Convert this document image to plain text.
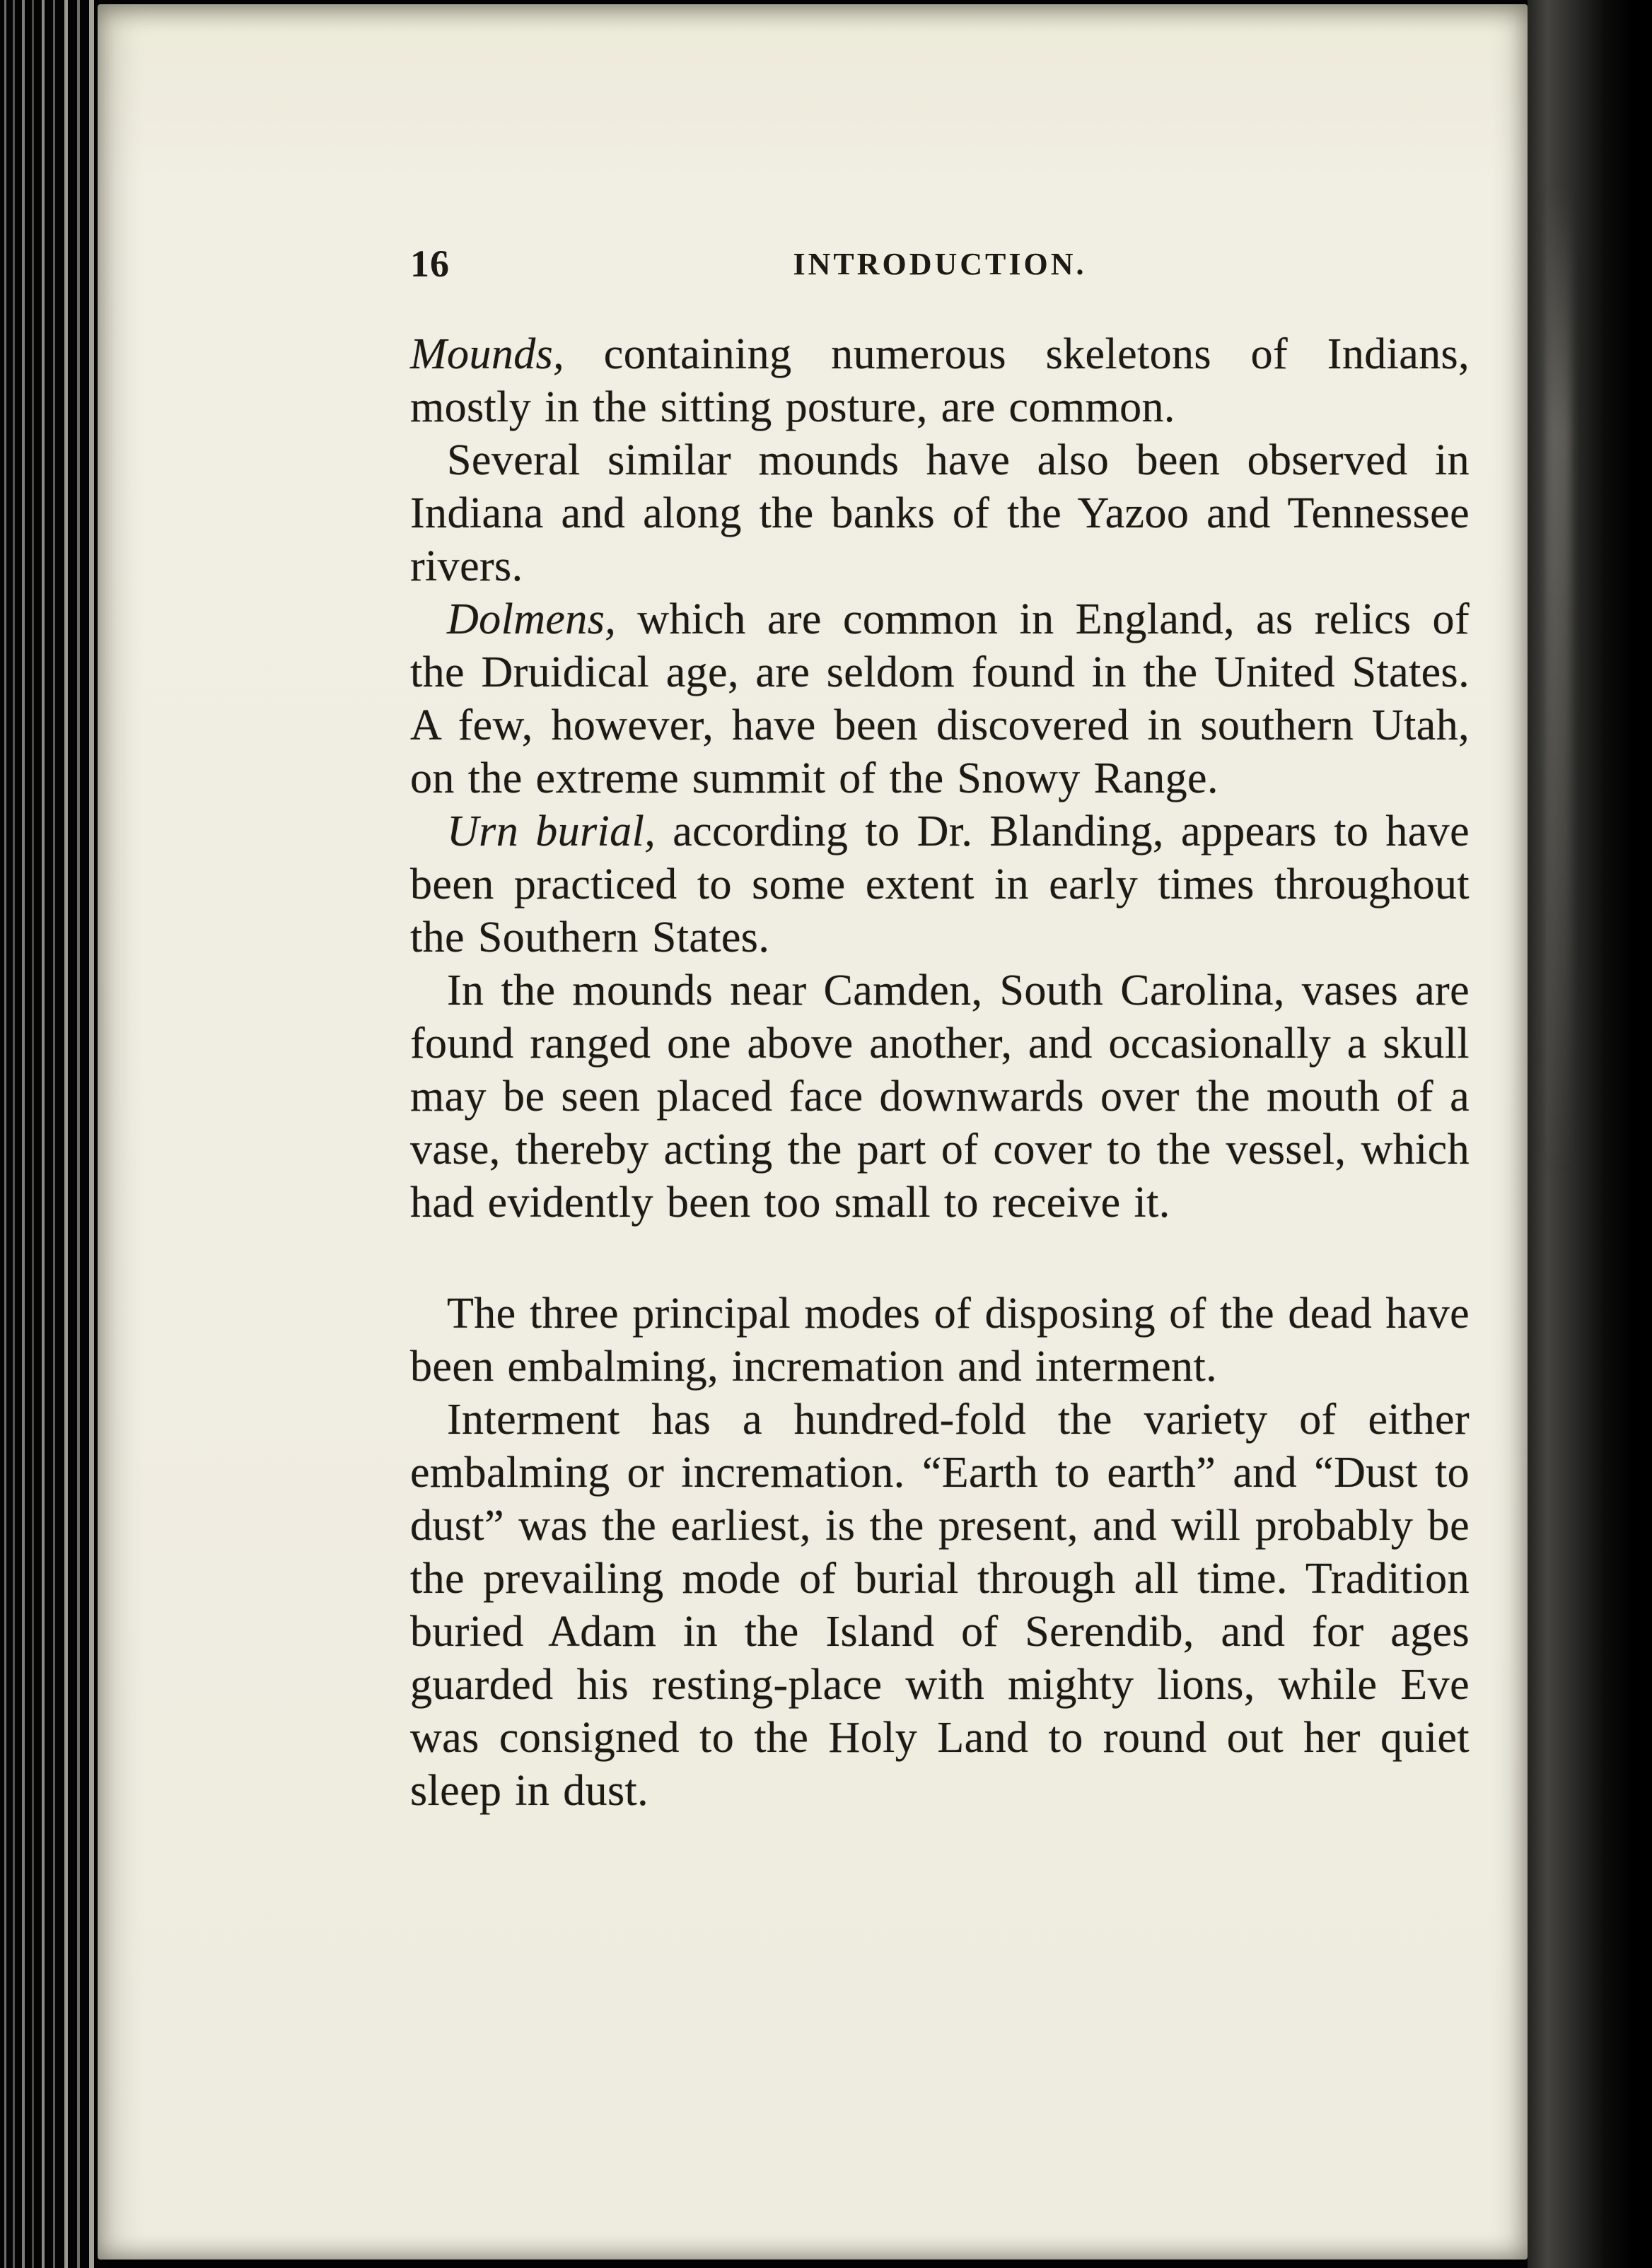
16	INTRODUCTION.

Mounds, containing numerous skeletons of Indians, mostly in the sitting posture, are common.

Several similar mounds have also been observed in Indiana and along the banks of the Yazoo and Tennessee rivers.

Dolmens, which are common in England, as relics of the Druidical age, are seldom found in the United States. A few, however, have been discovered in southern Utah, on the extreme summit of the Snowy Range.

Urn burial, according to Dr. Blanding, appears to have been practiced to some extent in early times throughout the Southern States.

In the mounds near Camden, South Carolina, vases are found ranged one above another, and occasionally a skull may be seen placed face downwards over the mouth of a vase, thereby acting the part of cover to the vessel, which had evidently been too small to receive it.

The three principal modes of disposing of the dead have been embalming, incremation and interment.

Interment has a hundred-fold the variety of either embalming or incremation. “Earth to earth” and “Dust to dust” was the earliest, is the present, and will probably be the prevailing mode of burial through all time. Tradition buried Adam in the Island of Serendib, and for ages guarded his resting-place with mighty lions, while Eve was consigned to the Holy Land to round out her quiet sleep in dust.
